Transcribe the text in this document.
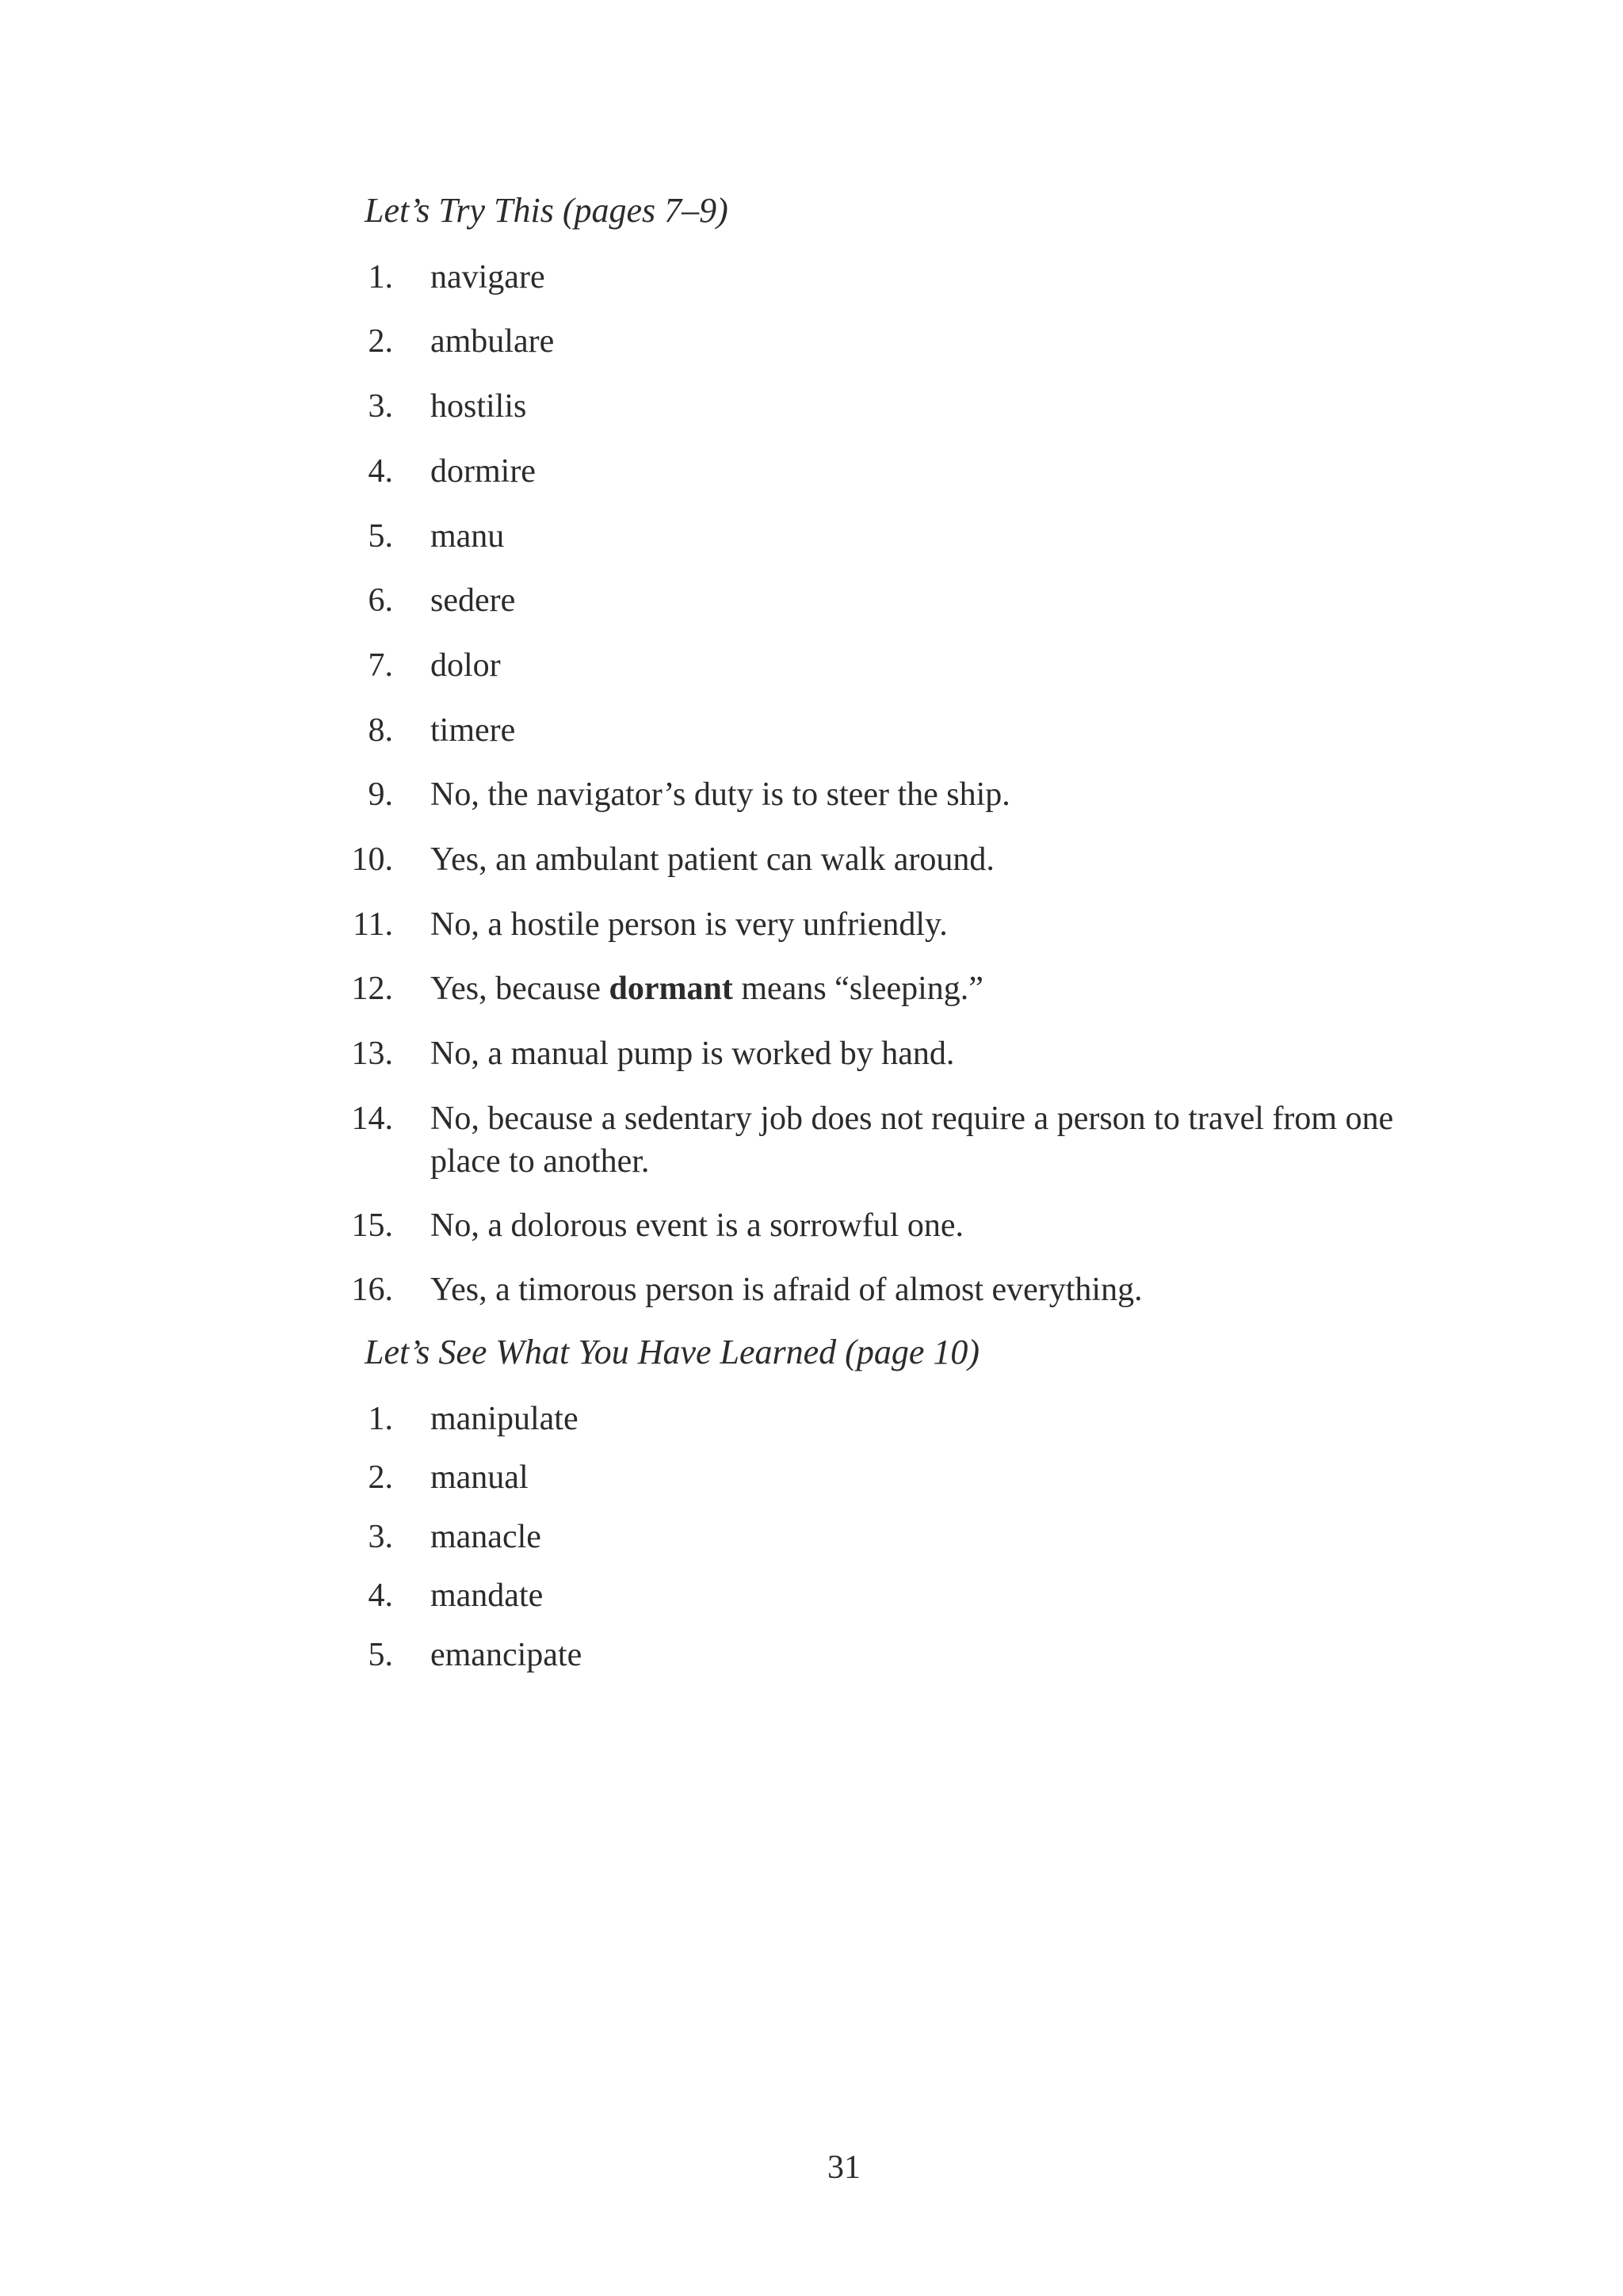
Let’s Try This (pages 7–9)
1. navigare
2. ambulare
3. hostilis
4. dormire
5. manu
6. sedere
7. dolor
8. timere
9. No, the navigator’s duty is to steer the ship.
10. Yes, an ambulant patient can walk around.
11. No, a hostile person is very unfriendly.
12. Yes, because dormant means “sleeping.”
13. No, a manual pump is worked by hand.
14. No, because a sedentary job does not require a person to travel from one place to another.
15. No, a dolorous event is a sorrowful one.
16. Yes, a timorous person is afraid of almost everything.
Let’s See What You Have Learned (page 10)
1. manipulate
2. manual
3. manacle
4. mandate
5. emancipate
31
